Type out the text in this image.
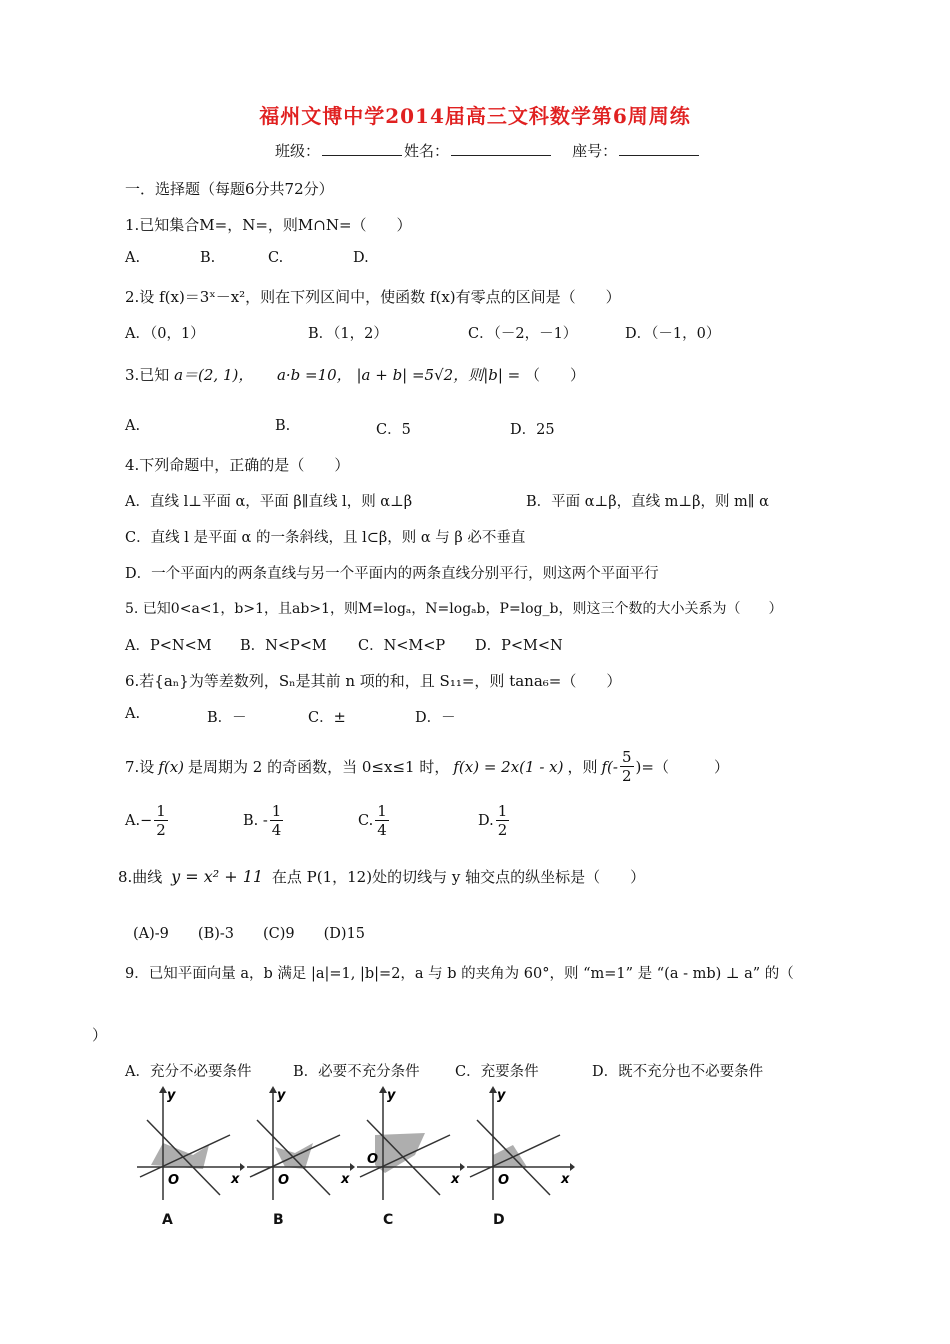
福州文博中学2014届高三文科数学第6周周练
班级：	姓名：	座号：
一．选择题（每题6分共72分）
1.已知集合M=，N=，则M∩N=（　　）
A.	B.	C.	D.
2.设 f(x)＝3ˣ－x²，则在下列区间中，使函数 f(x)有零点的区间是（　　）
A．（0，1）	B．（1，2）	C．（－2，－1）	D．（－1，0）
3.已知 a＝(2, 1)， a·b =10， |a + b| =5√2，则|b| = （　　）
A.	B.	C．5	D．25
4.下列命题中，正确的是（　　）
A．直线 l⊥平面 α，平面 β∥直线 l，则 α⊥β	B．平面 α⊥β，直线 m⊥β，则 m∥ α
C．直线 l 是平面 α 的一条斜线，且 l⊂β，则 α 与 β 必不垂直
D．一个平面内的两条直线与另一个平面内的两条直线分别平行，则这两个平面平行
5. 已知0<a<1，b>1，且ab>1，则M=logₐ，N=logₐb，P=log_b，则这三个数的大小关系为（　　）
A．P<N<M B．N<P<M C．N<M<P D．P<M<N
6.若{aₙ}为等差数列，Sₙ是其前 n 项的和，且 S₁₁=，则 tana₆=（　　）
A.	B．－	C．±	D．－
7.设 f(x) 是周期为 2 的奇函数，当 0≤x≤1 时， f(x) = 2x(1 - x) ，则 $f(- \frac{5}{2}$ )=（　　　）
$A.- \frac{1}{2}$	B. - $\frac{1}{4}$	C. $\frac{1}{4}$	D. $\frac{1}{2}$
8.曲线 y = x² + 11 在点 P(1，12)处的切线与 y 轴交点的纵坐标是（　　）
(A)-9　　(B)-3　　(C)9　　(D)15
9．已知平面向量 a，b 满足 |a|=1, |b|=2，a 与 b 的夹角为 60°，则 “m=1” 是 “(a - mb) ⊥ a” 的（
）
A．充分不必要条件	B．必要不充分条件 C．充要条件	D．既不充分也不必要条件
y
x
O
y
x
O
y
x
O
y
x
O
A	B	C	D
